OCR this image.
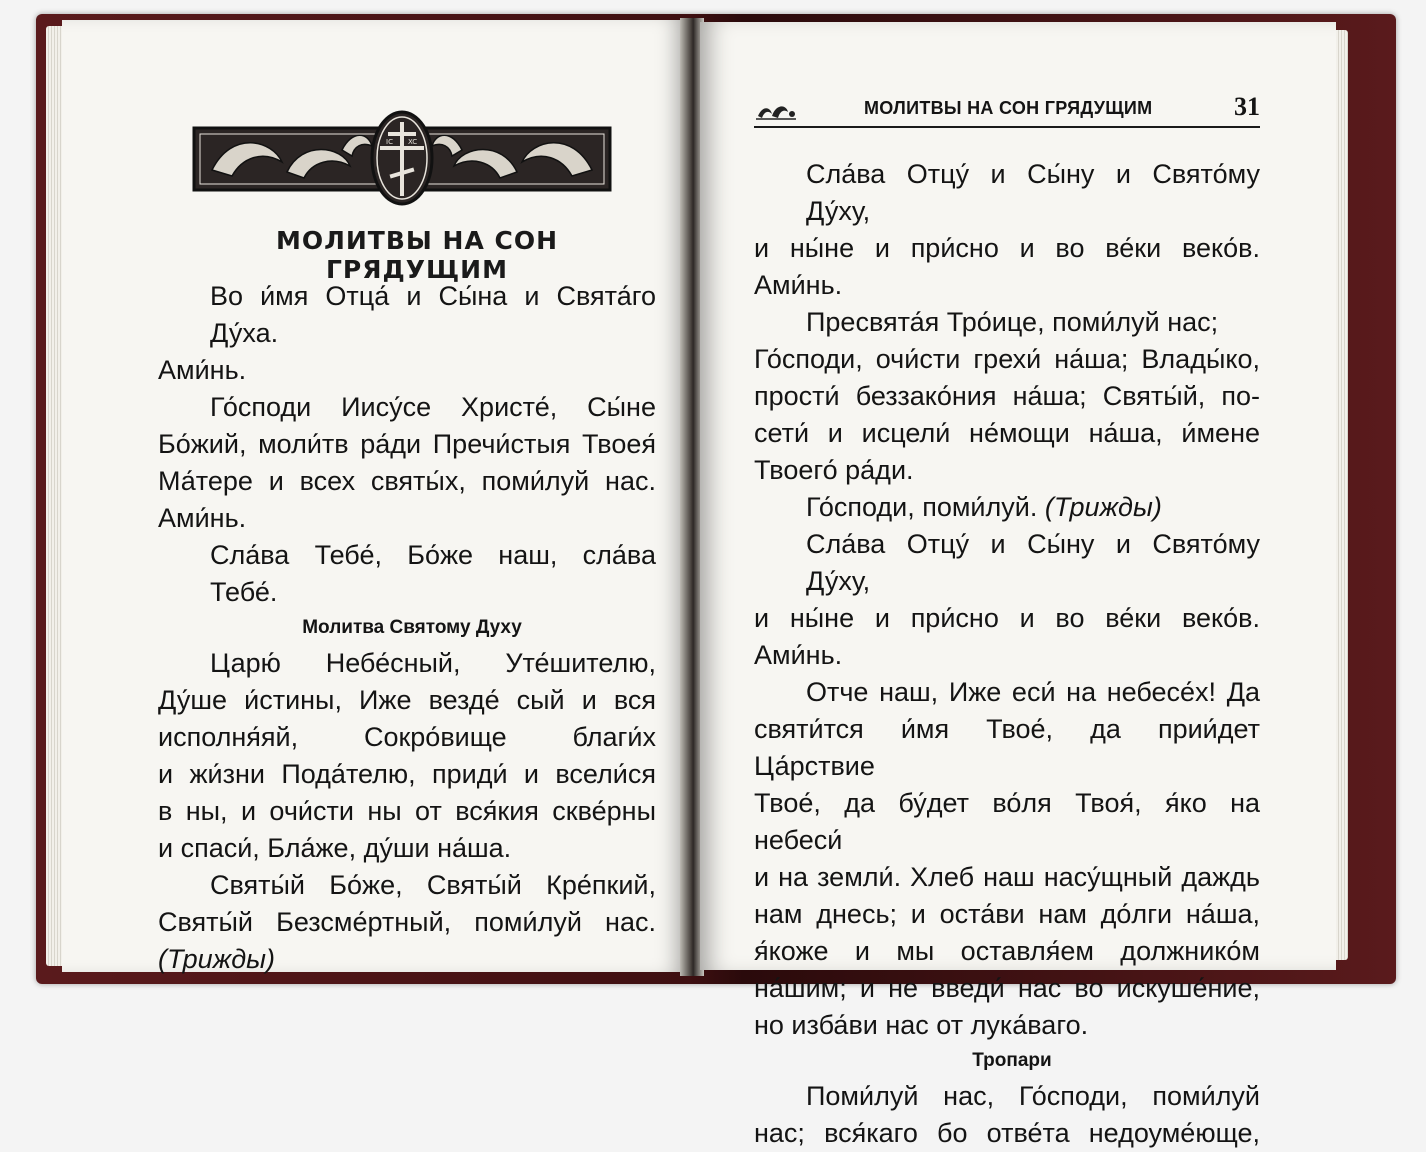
IC XC
МОЛИТВЫ НА СОН ГРЯДУЩИМ
Во и́мя Отца́ и Сы́на и Свята́го Ду́ха.
Ами́нь.
Го́споди Иису́се Христе́, Сы́не
Бо́жий, моли́тв ра́ди Пречи́стыя Твоея́
Ма́тере и всех святы́х, поми́луй нас.
Ами́нь.
Сла́ва Тебе́, Бо́же наш, сла́ва Тебе́.
Молитва Святому Духу
Царю́ Небе́сный, Уте́шителю,
Ду́ше и́стины, Иже везде́ сый и вся
исполня́яй, Сокро́вище благи́х
и жи́зни Пода́телю, приди́ и всели́ся
в ны, и очи́сти ны от вся́кия скве́рны
и спаси́, Бла́же, ду́ши на́ша.
Святы́й Бо́же, Святы́й Кре́пкий,
Святы́й Безсме́ртный, поми́луй нас.
(Трижды)
МОЛИТВЫ НА СОН ГРЯДУЩИМ	31
Сла́ва Отцу́ и Сы́ну и Свято́му Ду́ху,
и ны́не и при́сно и во ве́ки веко́в. Ами́нь.
Пресвята́я Тро́ице, поми́луй нас;
Го́споди, очи́сти грехи́ на́ша; Влады́ко,
прости́ беззако́ния на́ша; Святы́й, по-
сети́ и исцели́ не́мощи на́ша, и́мене
Твоего́ ра́ди.
Го́споди, поми́луй. (Трижды)
Сла́ва Отцу́ и Сы́ну и Свято́му Ду́ху,
и ны́не и при́сно и во ве́ки веко́в. Ами́нь.
Отче наш, Иже еси́ на небесе́х! Да
святи́тся и́мя Твое́, да прии́дет Ца́рствие
Твое́, да бу́дет во́ля Твоя́, я́ко на небеси́
и на земли́. Хлеб наш насу́щный даждь
нам днесь; и оста́ви нам до́лги на́ша,
я́коже и мы оставля́ем должнико́м
на́шим; и не введи́ нас во искуше́ние,
но изба́ви нас от лука́ваго.
Тропари
Поми́луй нас, Го́споди, поми́луй
нас; вся́каго бо отве́та недоуме́юще,
